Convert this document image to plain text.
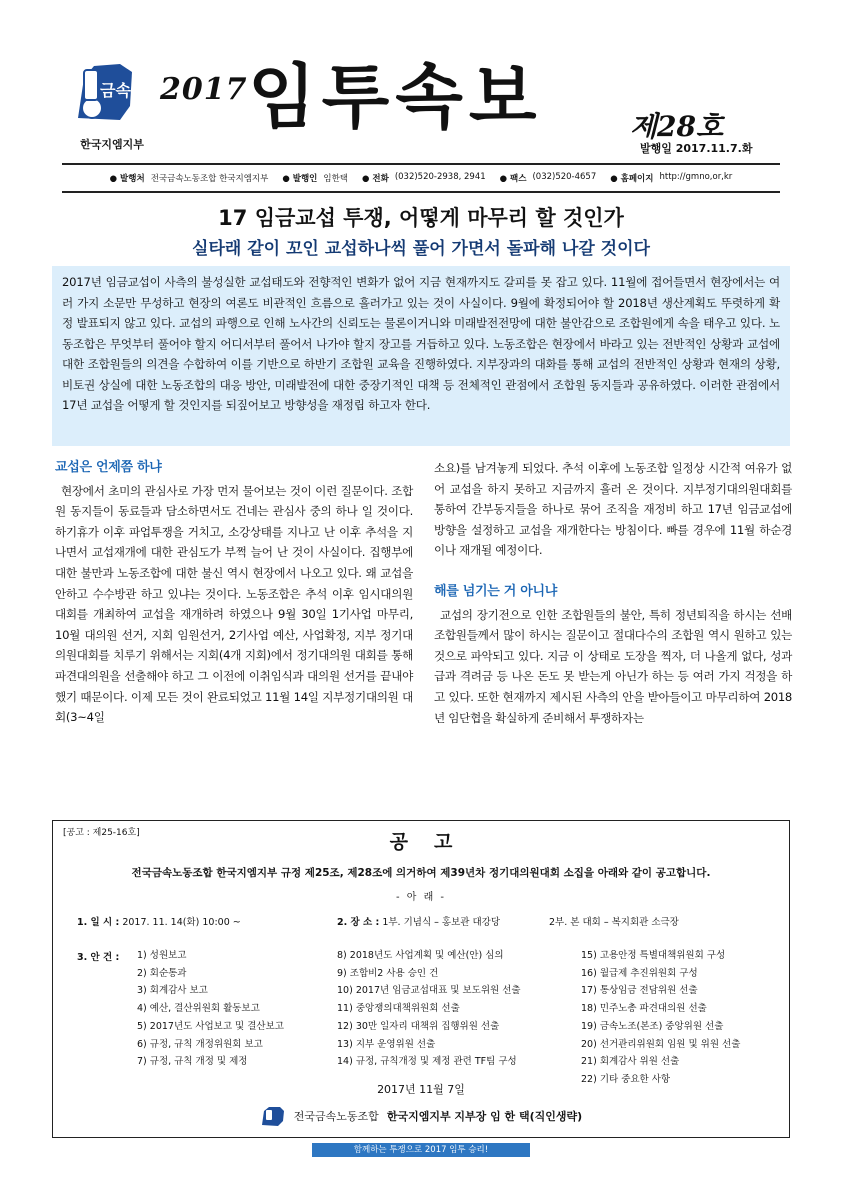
금속
한국지엠지부
2017 임투속보	제28호
발행일 2017.11.7.화
● 발행처 전국금속노동조합 한국지엠지부 ● 발행인 임한택 ● 전화 (032)520-2938, 2941 ● 팩스 (032)520-4657 ● 홈페이지 http://gmno,or,kr
17 임금교섭 투쟁, 어떻게 마무리 할 것인가
실타래 같이 꼬인 교섭하나씩 풀어 가면서 돌파해 나갈 것이다
2017년 임금교섭이 사측의 불성실한 교섭태도와 전향적인 변화가 없어 지금 현재까지도 갈피를 못 잡고 있다. 11월에 접어들면서 현장에서는 여러 가지 소문만 무성하고 현장의 여론도 비관적인 흐름으로 흘러가고 있는 것이 사실이다. 9월에 확정되어야 할 2018년 생산계획도 뚜렷하게 확정 발표되지 않고 있다. 교섭의 파행으로 인해 노사간의 신뢰도는 물론이거니와 미래발전전망에 대한 불안감으로 조합원에게 속을 태우고 있다. 노동조합은 무엇부터 풀어야 할지 어디서부터 풀어서 나가야 할지 장고를 거듭하고 있다. 노동조합은 현장에서 바라고 있는 전반적인 상황과 교섭에 대한 조합원들의 의견을 수합하여 이를 기반으로 하반기 조합원 교육을 진행하였다. 지부장과의 대화를 통해 교섭의 전반적인 상황과 현재의 상황, 비토권 상실에 대한 노동조합의 대응 방안, 미래발전에 대한 중장기적인 대책 등 전체적인 관점에서 조합원 동지들과 공유하였다. 이러한 관점에서 17년 교섭을 어떻게 할 것인지를 되짚어보고 방향성을 재정립 하고자 한다.
교섭은 언제쯤 하냐

현장에서 초미의 관심사로 가장 먼저 물어보는 것이 이런 질문이다. 조합원 동지들이 동료들과 담소하면서도 건네는 관심사 중의 하나 일 것이다. 하기휴가 이후 파업투쟁을 거치고, 소강상태를 지나고 난 이후 추석을 지나면서 교섭재개에 대한 관심도가 부쩍 늘어 난 것이 사실이다. 집행부에 대한 불만과 노동조합에 대한 불신 역시 현장에서 나오고 있다. 왜 교섭을 안하고 수수방관 하고 있냐는 것이다. 노동조합은 추석 이후 임시대의원 대회를 개최하여 교섭을 재개하려 하였으나 9월 30일 1기사업 마무리, 10월 대의원 선거, 지회 임원선거, 2기사업 예산, 사업확정, 지부 정기대의원대회를 치루기 위해서는 지회(4개 지회)에서 정기대의원 대회를 통해 파견대의원을 선출해야 하고 그 이전에 이취임식과 대의원 선거를 끝내야 했기 때문이다. 이제 모든 것이 완료되었고 11월 14일 지부정기대의원 대회(3~4일

소요)를 남겨놓게 되었다. 추석 이후에 노동조합 일정상 시간적 여유가 없어 교섭을 하지 못하고 지금까지 흘러 온 것이다. 지부정기대의원대회를 통하여 간부동지들을 하나로 묶어 조직을 재정비 하고 17년 임금교섭에 방향을 설정하고 교섭을 재개한다는 방침이다. 빠를 경우에 11월 하순경이나 재개될 예정이다.

해를 넘기는 거 아니냐

교섭의 장기전으로 인한 조합원들의 불안, 특히 정년퇴직을 하시는 선배조합원들께서 많이 하시는 질문이고 절대다수의 조합원 역시 원하고 있는 것으로 파악되고 있다. 지금 이 상태로 도장을 찍자, 더 나올게 없다, 성과급과 격려금 등 나온 돈도 못 받는게 아닌가 하는 등 여러 가지 걱정을 하고 있다. 또한 현재까지 제시된 사측의 안을 받아들이고 마무리하여 2018년 임단협을 확실하게 준비해서 투쟁하자는

[공고 : 제25-16호]	공고
전국금속노동조합 한국지엠지부 규정 제25조, 제28조에 의거하여 제39년차 정기대의원대회 소집을 아래와 같이 공고합니다.
- 아 래 -
1. 일 시 : 2017. 11. 14(화) 10:00 ~	2. 장 소 : 1부. 기념식 – 홍보관 대강당	2부. 본 대회 – 복지회관 소극장
3. 안 건 : 1) 성원보고
2) 회순통과
3) 회계감사 보고
4) 예산, 결산위원회 활동보고
5) 2017년도 사업보고 및 결산보고
6) 규정, 규칙 개정위원회 보고
7) 규정, 규칙 개정 및 제정
8) 2018년도 사업계획 및 예산(안) 심의
9) 조합비2 사용 승인 건
10) 2017년 임금교섭대표 및 보도위원 선출
11) 중앙쟁의대책위원회 선출
12) 30만 일자리 대책위 집행위원 선출
13) 지부 운영위원 선출
14) 규정, 규칙개정 및 제정 관련 TF팀 구성
15) 고용안정 특별대책위원회 구성
16) 월급제 추진위원회 구성
17) 통상임금 전담위원 선출
18) 민주노총 파견대의원 선출
19) 금속노조(본조) 중앙위원 선출
20) 선거관리위원회 임원 및 위원 선출
21) 회계감사 위원 선출
22) 기타 중요한 사항
2017년 11월 7일
전국금속노동조합 한국지엠지부 지부장 임 한 택(직인생략)
함께하는 투쟁으로 2017 임투 승리!
